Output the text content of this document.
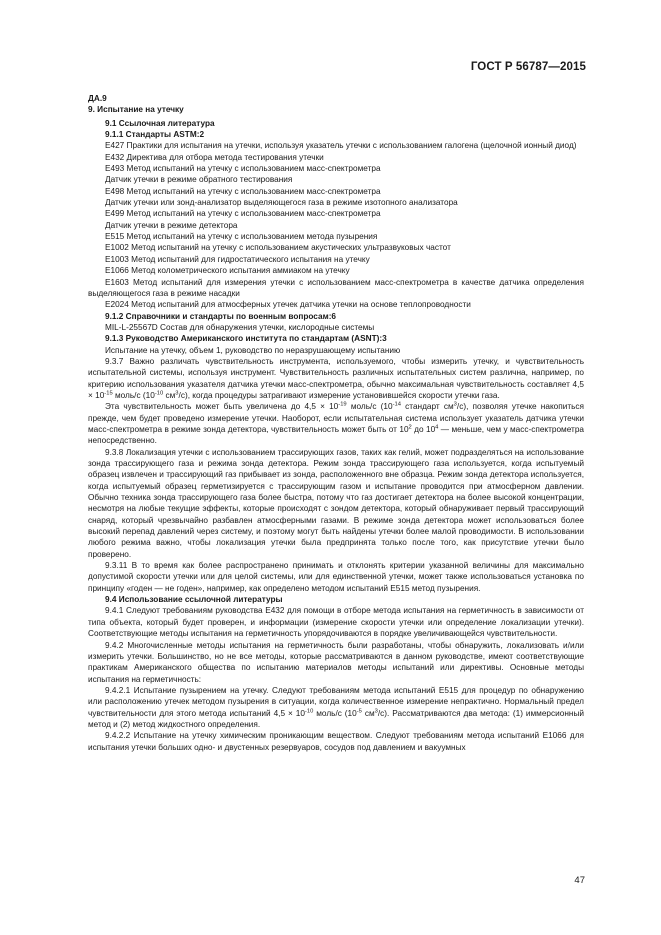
ГОСТ Р 56787—2015

ДА.9

9. Испытание на утечку

9.1 Ссылочная литература

9.1.1 Стандарты ASTM:2

E427 Практики для испытания на утечки, используя указатель утечки с использованием галогена (щелочной ионный диод)

E432 Директива для отбора метода тестирования утечки

E493 Метод испытаний на утечку с использованием масс-спектрометра

Датчик утечки в режиме обратного тестирования

E498 Метод испытаний на утечку с использованием масс-спектрометра

Датчик утечки или зонд-анализатор выделяющегося газа в режиме изотопного анализатора

E499 Метод испытаний на утечку с использованием масс-спектрометра

Датчик утечки в режиме детектора

E515 Метод испытаний на утечку с использованием метода пузырения

E1002 Метод испытаний на утечку с использованием акустических ультразвуковых частот

E1003 Метод испытаний для гидростатического испытания на утечку

E1066 Метод колометрического испытания аммиаком на утечку

E1603 Метод испытаний для измерения утечки с использованием масс-спектрометра в качестве датчика определения выделяющегося газа в режиме насадки

E2024 Метод испытаний для атмосферных утечек датчика утечки на основе теплопроводности

9.1.2 Справочники и стандарты по военным вопросам:6

MIL-L-25567D Состав для обнаружения утечки, кислородные системы

9.1.3 Руководство Американского института по стандартам (ASNT):3

Испытание на утечку, объем 1, руководство по неразрушающему испытанию

9.3.7 Важно различать чувствительность инструмента, используемого, чтобы измерить утечку, и чувствительность испытательной системы, используя инструмент. Чувствительность различных испытательных систем различна, например, по критерию использования указателя датчика утечки масс-спектрометра, обычно максимальная чувствительность составляет $4,5 \times 10^{-15}$ моль/с ($10^{-10}$ $см^3/с$), когда процедуры затрагивают измерение установившейся скорости утечки газа.

Эта чувствительность может быть увеличена до $4,5 \times 10^{-19}$ моль/с ($10^{-14}$ стандарт $см^3/с$), позволяя утечке накопиться прежде, чем будет проведено измерение утечки. Наоборот, если испытательная система использует указатель датчика утечки масс-спектрометра в режиме зонда детектора, чувствительность может быть от $10^2$ до $10^4$ — меньше, чем у масс-спектрометра непосредственно.

9.3.8 Локализация утечки с использованием трассирующих газов, таких как гелий, может подразделяться на использование зонда трассирующего газа и режима зонда детектора. Режим зонда трассирующего газа используется, когда испытуемый образец извлечен и трассирующий газ прибывает из зонда, расположенного вне образца. Режим зонда детектора используется, когда испытуемый образец герметизируется с трассирующим газом и испытание проводится при атмосферном давлении. Обычно техника зонда трассирующего газа более быстра, потому что газ достигает детектора на более высокой концентрации, несмотря на любые текущие эффекты, которые происходят с зондом детектора, который обнаруживает первый трассирующий снаряд, который чрезвычайно разбавлен атмосферными газами. В режиме зонда детектора может использоваться более высокий перепад давлений через систему, и поэтому могут быть найдены утечки более малой проводимости. В использовании любого режима важно, чтобы локализация утечки была предпринята только после того, как присутствие утечки было проверено.

9.3.11 В то время как более распространено принимать и отклонять критерии указанной величины для максимально допустимой скорости утечки или для целой системы, или для единственной утечки, может также использоваться установка по принципу «годен — не годен», например, как определено методом испытаний E515 метод пузырения.

9.4 Использование ссылочной литературы

9.4.1 Следуют требованиям руководства E432 для помощи в отборе метода испытания на герметичность в зависимости от типа объекта, который будет проверен, и информации (измерение скорости утечки или определение локализации утечки). Соответствующие методы испытания на герметичность упорядочиваются в порядке увеличивающейся чувствительности.

9.4.2 Многочисленные методы испытания на герметичность были разработаны, чтобы обнаружить, локализовать и/или измерить утечки. Большинство, но не все методы, которые рассматриваются в данном руководстве, имеют соответствующие практикам Американского общества по испытанию материалов методы испытаний или директивы. Основные методы испытания на герметичность:

9.4.2.1 Испытание пузырением на утечку. Следуют требованиям метода испытаний E515 для процедур по обнаружению или расположению утечек методом пузырения в ситуации, когда количественное измерение непрактично. Нормальный предел чувствительности для этого метода испытаний $4,5 \times 10^{-10}$ моль/с ($10^{-5}$ $см^3/с$). Рассматриваются два метода: (1) иммерсионный метод и (2) метод жидкостного определения.

9.4.2.2 Испытание на утечку химическим проникающим веществом. Следуют требованиям метода испытаний E1066 для испытания утечки больших одно- и двустенных резервуаров, сосудов под давлением и вакуумных

47
